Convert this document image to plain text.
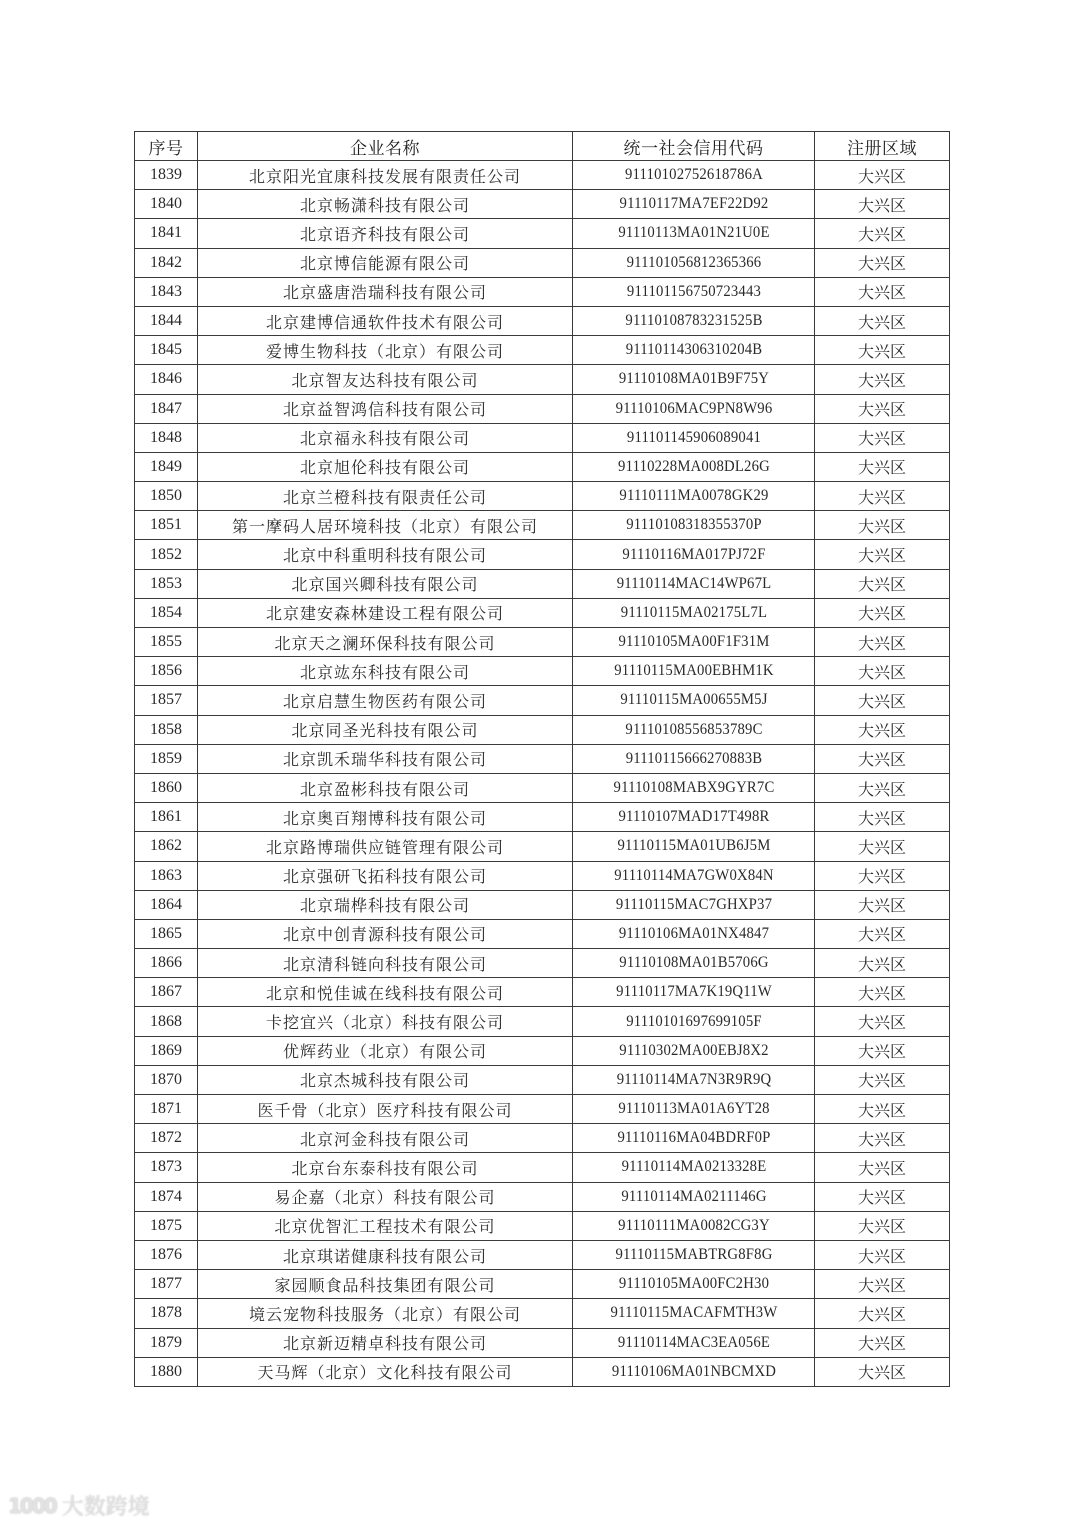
序号	企业名称	统一社会信用代码	注册区域
1839	北京阳光宜康科技发展有限责任公司	91110102752618786A	大兴区
1840	北京畅潇科技有限公司	91110117MA7EF22D92	大兴区
1841	北京语齐科技有限公司	91110113MA01N21U0E	大兴区
1842	北京博信能源有限公司	911101056812365366	大兴区
1843	北京盛唐浩瑞科技有限公司	911101156750723443	大兴区
1844	北京建博信通软件技术有限公司	91110108783231525B	大兴区
1845	爱博生物科技（北京）有限公司	91110114306310204B	大兴区
1846	北京智友达科技有限公司	91110108MA01B9F75Y	大兴区
1847	北京益智鸿信科技有限公司	91110106MAC9PN8W96	大兴区
1848	北京福永科技有限公司	911101145906089041	大兴区
1849	北京旭伦科技有限公司	91110228MA008DL26G	大兴区
1850	北京兰橙科技有限责任公司	91110111MA0078GK29	大兴区
1851	第一摩码人居环境科技（北京）有限公司	91110108318355370P	大兴区
1852	北京中科重明科技有限公司	91110116MA017PJ72F	大兴区
1853	北京国兴卿科技有限公司	91110114MAC14WP67L	大兴区
1854	北京建安森林建设工程有限公司	91110115MA02175L7L	大兴区
1855	北京天之澜环保科技有限公司	91110105MA00F1F31M	大兴区
1856	北京竑东科技有限公司	91110115MA00EBHM1K	大兴区
1857	北京启慧生物医药有限公司	91110115MA00655M5J	大兴区
1858	北京同圣光科技有限公司	91110108556853789C	大兴区
1859	北京凯禾瑞华科技有限公司	91110115666270883B	大兴区
1860	北京盈彬科技有限公司	91110108MABX9GYR7C	大兴区
1861	北京奥百翔博科技有限公司	91110107MAD17T498R	大兴区
1862	北京路博瑞供应链管理有限公司	91110115MA01UB6J5M	大兴区
1863	北京强研飞拓科技有限公司	91110114MA7GW0X84N	大兴区
1864	北京瑞桦科技有限公司	91110115MAC7GHXP37	大兴区
1865	北京中创青源科技有限公司	91110106MA01NX4847	大兴区
1866	北京清科链向科技有限公司	91110108MA01B5706G	大兴区
1867	北京和悦佳诚在线科技有限公司	91110117MA7K19Q11W	大兴区
1868	卡挖宜兴（北京）科技有限公司	91110101697699105F	大兴区
1869	优辉药业（北京）有限公司	91110302MA00EBJ8X2	大兴区
1870	北京杰城科技有限公司	91110114MA7N3R9R9Q	大兴区
1871	医千骨（北京）医疗科技有限公司	91110113MA01A6YT28	大兴区
1872	北京河金科技有限公司	91110116MA04BDRF0P	大兴区
1873	北京台东泰科技有限公司	91110114MA0213328E	大兴区
1874	易企嘉（北京）科技有限公司	91110114MA0211146G	大兴区
1875	北京优智汇工程技术有限公司	91110111MA0082CG3Y	大兴区
1876	北京琪诺健康科技有限公司	91110115MABTRG8F8G	大兴区
1877	家园顺食品科技集团有限公司	91110105MA00FC2H30	大兴区
1878	境云宠物科技服务（北京）有限公司	91110115MACAFMTH3W	大兴区
1879	北京新迈精卓科技有限公司	91110114MAC3EA056E	大兴区
1880	天马辉（北京）文化科技有限公司	91110106MA01NBCMXD	大兴区
1000 大数跨境
